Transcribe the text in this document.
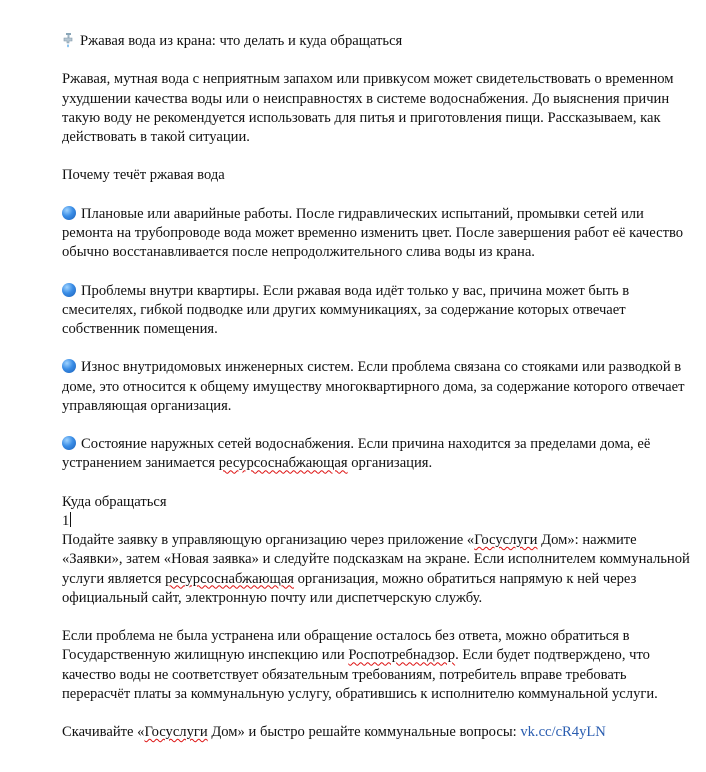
Ржавая вода из крана: что делать и куда обращаться

Ржавая, мутная вода с неприятным запахом или привкусом может свидетельствовать о временном ухудшении качества воды или о неисправностях в системе водоснабжения. До выяснения причин такую воду не рекомендуется использовать для питья и приготовления пищи. Рассказываем, как действовать в такой ситуации.

Почему течёт ржавая вода

Плановые или аварийные работы. После гидравлических испытаний, промывки сетей или ремонта на трубопроводе вода может временно изменить цвет. После завершения работ её качество обычно восстанавливается после непродолжительного слива воды из крана.

Проблемы внутри квартиры. Если ржавая вода идёт только у вас, причина может быть в смесителях, гибкой подводке или других коммуникациях, за содержание которых отвечает собственник помещения.

Износ внутридомовых инженерных систем. Если проблема связана со стояками или разводкой в доме, это относится к общему имуществу многоквартирного дома, за содержание которого отвечает управляющая организация.

Состояние наружных сетей водоснабжения. Если причина находится за пределами дома, её устранением занимается ресурсоснабжающая организация.

Куда обращаться

1

Подайте заявку в управляющую организацию через приложение «Госуслуги Дом»: нажмите «Заявки», затем «Новая заявка» и следуйте подсказкам на экране. Если исполнителем коммунальной услуги является ресурсоснабжающая организация, можно обратиться напрямую к ней через официальный сайт, электронную почту или диспетчерскую службу.

Если проблема не была устранена или обращение осталось без ответа, можно обратиться в Государственную жилищную инспекцию или Роспотребнадзор. Если будет подтверждено, что качество воды не соответствует обязательным требованиям, потребитель вправе требовать перерасчёт платы за коммунальную услугу, обратившись к исполнителю коммунальной услуги.

Скачивайте «Госуслуги Дом» и быстро решайте коммунальные вопросы: vk.cc/cR4yLN
